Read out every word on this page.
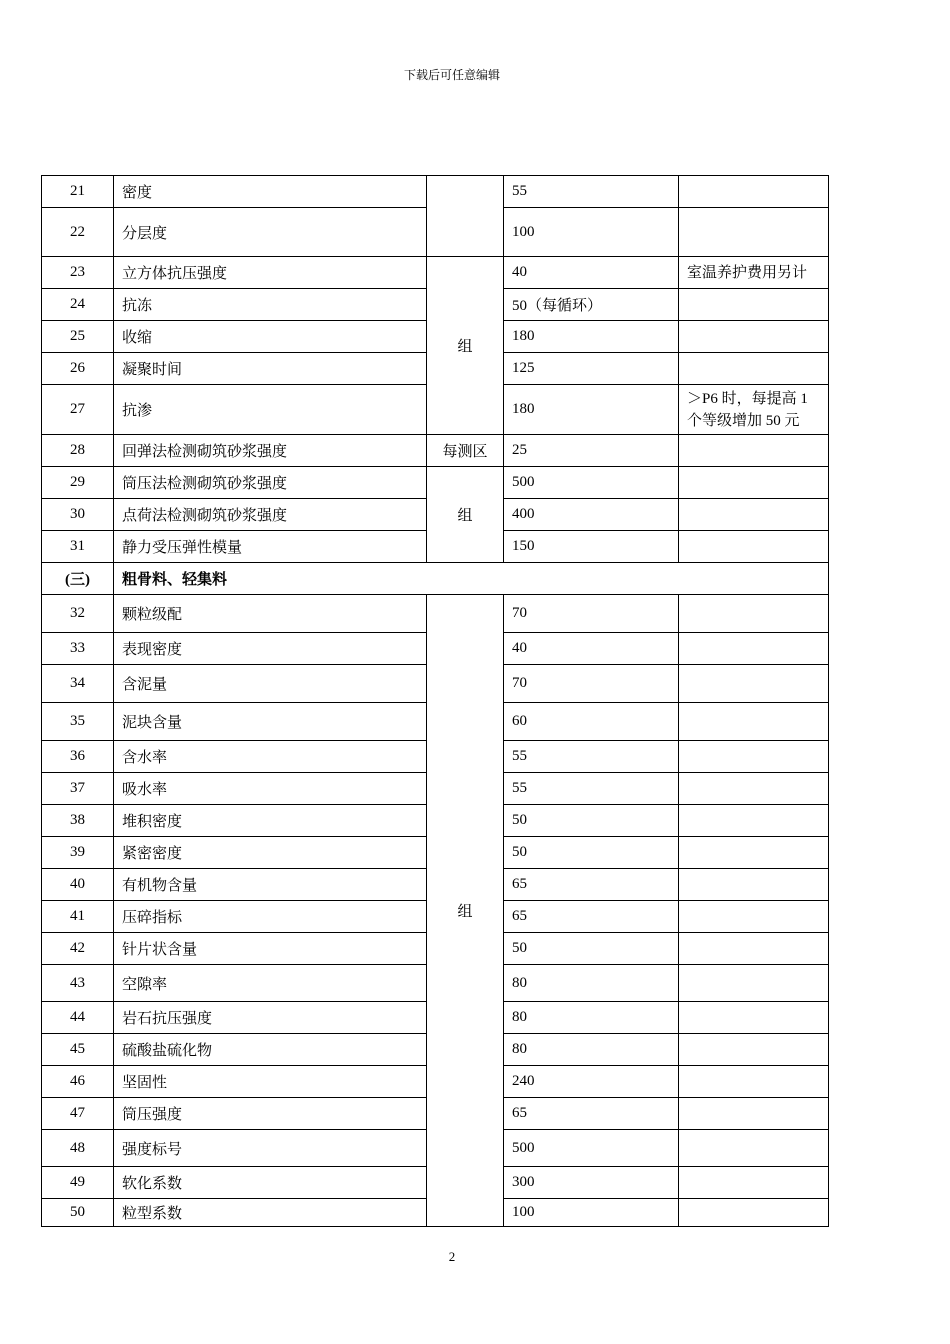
下载后可任意编辑
21	密度		55	
22	分层度		100	
23	立方体抗压强度	组	40	室温养护费用另计
24	抗冻		50（每循环）	
25	收缩		180	
26	凝聚时间		125	
27	抗渗		180	＞P6 时，每提高 1 个等级增加 50 元
28	回弹法检测砌筑砂浆强度	每测区	25	
29	筒压法检测砌筑砂浆强度	组	500	
30	点荷法检测砌筑砂浆强度		400	
31	静力受压弹性模量		150	
(三)	粗骨料、轻集料			
32	颗粒级配	组	70	
33	表现密度		40	
34	含泥量		70	
35	泥块含量		60	
36	含水率		55	
37	吸水率		55	
38	堆积密度		50	
39	紧密密度		50	
40	有机物含量		65	
41	压碎指标		65	
42	针片状含量		50	
43	空隙率		80	
44	岩石抗压强度		80	
45	硫酸盐硫化物		80	
46	坚固性		240	
47	筒压强度		65	
48	强度标号		500	
49	软化系数		300	
50	粒型系数		100	
2
